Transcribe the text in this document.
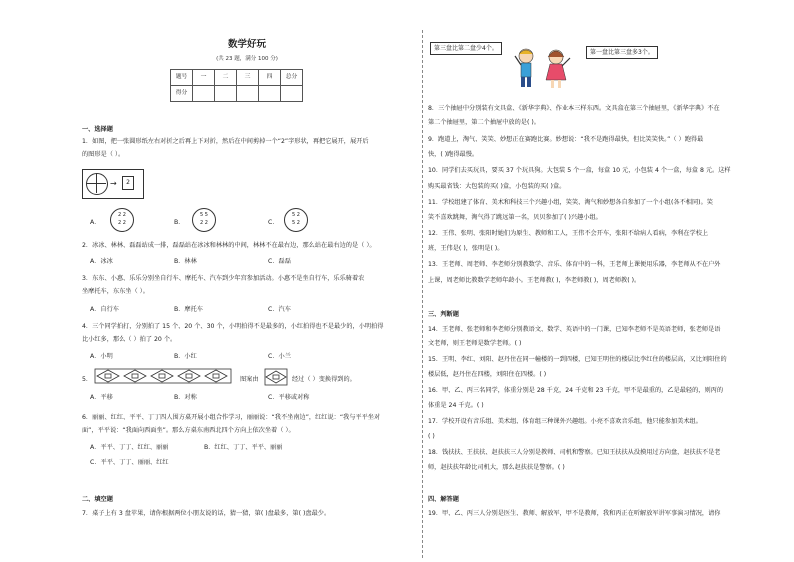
数学好玩
(共 23 题，满分 100 分)
题号	一	二	三	四	总分
得分					
一、选择题
1．如图，把一张圆形纸左右对折之后再上下对折，然后在中间剪掉一个“2”字形状，再把它展开，展开后
的图形是（ ）。
→	2
A．
2 2
2 2	B．
5 5
2 2	C．
5 2
5 2
2．冰冰、林林、磊磊站成一排，磊磊站在冰冰和林林的中间，林林不在最右边，那么站在最右边的是（ ）。
A．冰冰	B．林林	C．磊磊
3．东东、小惠、乐乐分别坐自行车、摩托车、汽车到少年宫参加活动。小惠不是坐自行车，乐乐骑着农
坐摩托车，东东坐（ ）。
A．自行车	B．摩托车	C．汽车
4．三个同学拍打，分别拍了 15 个、20 个、30 个，小明拍得不是最多的，小红拍得也不是最少的，小明拍得
比小红多，那么（ ）拍了 20 个。
A．小明	B．小红	C．小兰
5．	图案由	经过（ ）变换得到的。
A．平移	B．对称	C．平移或对称
6．丽丽、红红、平平、丁丁四人围方桌开展小组合作学习，丽丽说：“我不坐南边”，红红说：“我与平平坐对
面”，平平说：“我面向西面坐”。那么方桌东南西北四个方向上依次坐着（ ）。
A．平平、丁丁、红红、丽丽	B．红红、丁丁、平平、丽丽
C．平平、丁丁、丽丽、红红
二、填空题
7．桌子上有 3 盘苹果，请你根据两位小朋友说的话，猜一猜，第( )盘最多，第( )盘最少。
第三盘比第二盘少4个。
第一盘比第三盘多3个。
8．三个抽屉中分别装有文具盒、《新华字典》、作业本三样东西。文具盒在第三个抽屉里，《新华字典》不在
第二个抽屉里，第二个抽屉中放的是( )。
9．跑道上，淘气、笑笑、妙想正在赛跑比赛。妙想说：“我不是跑得最快，但比笑笑快。”（ ）跑得最
快，( )跑得最慢。
10．同学们去买玩具，要买 37 个玩具狗。大包装 5 个一盒，每盒 10 元，小包装 4 个一盒，每盒 8 元。这样
购买最省钱：大包装的买( )盒，小包装的买( )盒。
11．学校组建了体育、美术和科技三个兴趣小组，笑笑、淘气和妙想各自参加了一个小组(各不相同)。笑
笑不喜欢跳舞，淘气得了跳远第一名，贝贝参加了( )兴趣小组。
12．王伟、张明、张阳时她们为原生、教师和工人，王伟不会开车，张阳不给病人看病，李利在学校上
班，王伟是( )，张明是( )。
13．王老师、周老师、李老师分别教数学、音乐、体育中的一科，王老师上课便用乐器，李老师从不在户外
上课，周老师比教数学老师年龄小。王老师教( )，李老师教( )，周老师教( )。
三、判断题
14．王老师、张老师和李老师分别教语文、数学、英语中的一门课，已知李老师不是英语老师，张老师是语
文老师，则王老师是数学老师。( )
15．王明、李红、刘阳、赵丹住在同一幢楼的一到四楼，已知王明住的楼层比李红住的楼层高，又比刘阳住的
楼层低，赵丹住在四楼，刘阳住在四楼。( )
16．甲、乙、丙三名同学，体重分别是 28 千克，24 千克和 23 千克，甲不是最重的，乙是最轻的，则丙的
体重是 24 千克。( )
17．学校开设有音乐组、美术组、体育组三种课外兴趣组。小亮不喜欢音乐组，他只能参加美术组。
( )
18．钱扶扶、王扶扶、赵扶扶三人分别是教师、司机和警察。已知王扶扶从没摸用过方向盘，赵扶扶不是老
师，赵扶扶年龄比司机大，那么赵扶扶是警察。( )
四、解答题
19．甲、乙、丙三人分别是医生、教师、解放军，甲不是教师，我和丙正在听解放军讲军事演习情况，请你
